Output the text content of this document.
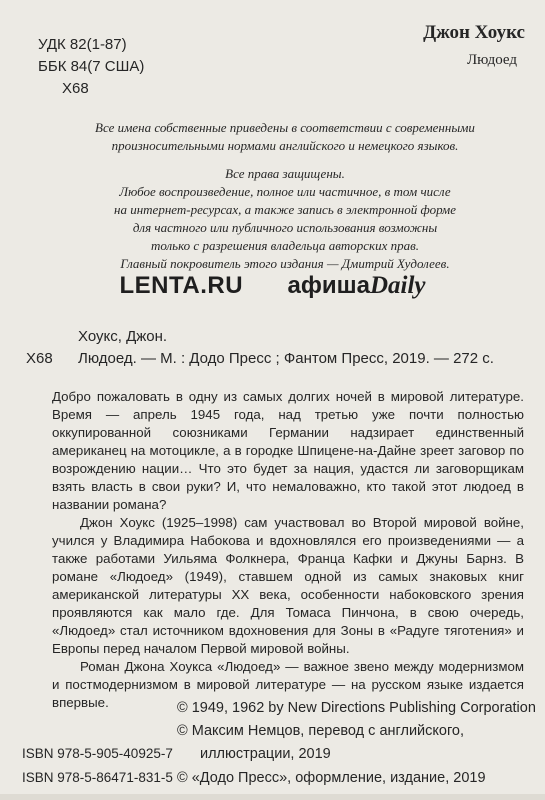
УДК 82(1-87)
ББК 84(7 США)
Х68
Джон Хоукс
Людоед
Все имена собственные приведены в соответствии с современными
произносительными нормами английского и немецкого языков.
Все права защищены.
Любое воспроизведение, полное или частичное, в том числе
на интернет-ресурсах, а также запись в электронной форме
для частного или публичного использования возможны
только с разрешения владельца авторских прав.
Главный покровитель этого издания — Дмитрий Худолеев.
LENTA.RU афишаDaily
Х68
Хоукс, Джон.
Людоед. — М. : Додо Пресс ; Фантом Пресс, 2019. — 272 с.

Добро пожаловать в одну из самых долгих ночей в мировой литературе. Время — апрель 1945 года, над третью уже почти полностью оккупированной союзниками Германии надзирает единственный американец на мотоцикле, а в городке Шпицене-на-Дайне зреет заговор по возрождению нации… Что это будет за нация, удастся ли заговорщикам взять власть в свои руки? И, что немаловажно, кто такой этот людоед в названии романа?

Джон Хоукс (1925–1998) сам участвовал во Второй мировой войне, учился у Владимира Набокова и вдохновлялся его произведениями — а также работами Уильяма Фолкнера, Франца Кафки и Джуны Барнз. В романе «Людоед» (1949), ставшем одной из самых знаковых книг американской литературы XX века, особенности набоковского зрения проявляются как мало где. Для Томаса Пинчона, в свою очередь, «Людоед» стал источником вдохновения для Зоны в «Радуге тяготения» и Европы перед началом Первой мировой войны.

Роман Джона Хоукса «Людоед» — важное звено между модернизмом и постмодернизмом в мировой литературе — на русском языке издается впервые.	© 1949, 1962 by New Directions Publishing Corporation
© Максим Немцов, перевод с английского,
иллюстрации, 2019
© «Додо Пресс», оформление, издание, 2019
ISBN 978-5-905-40925-7
ISBN 978-5-86471-831-5
